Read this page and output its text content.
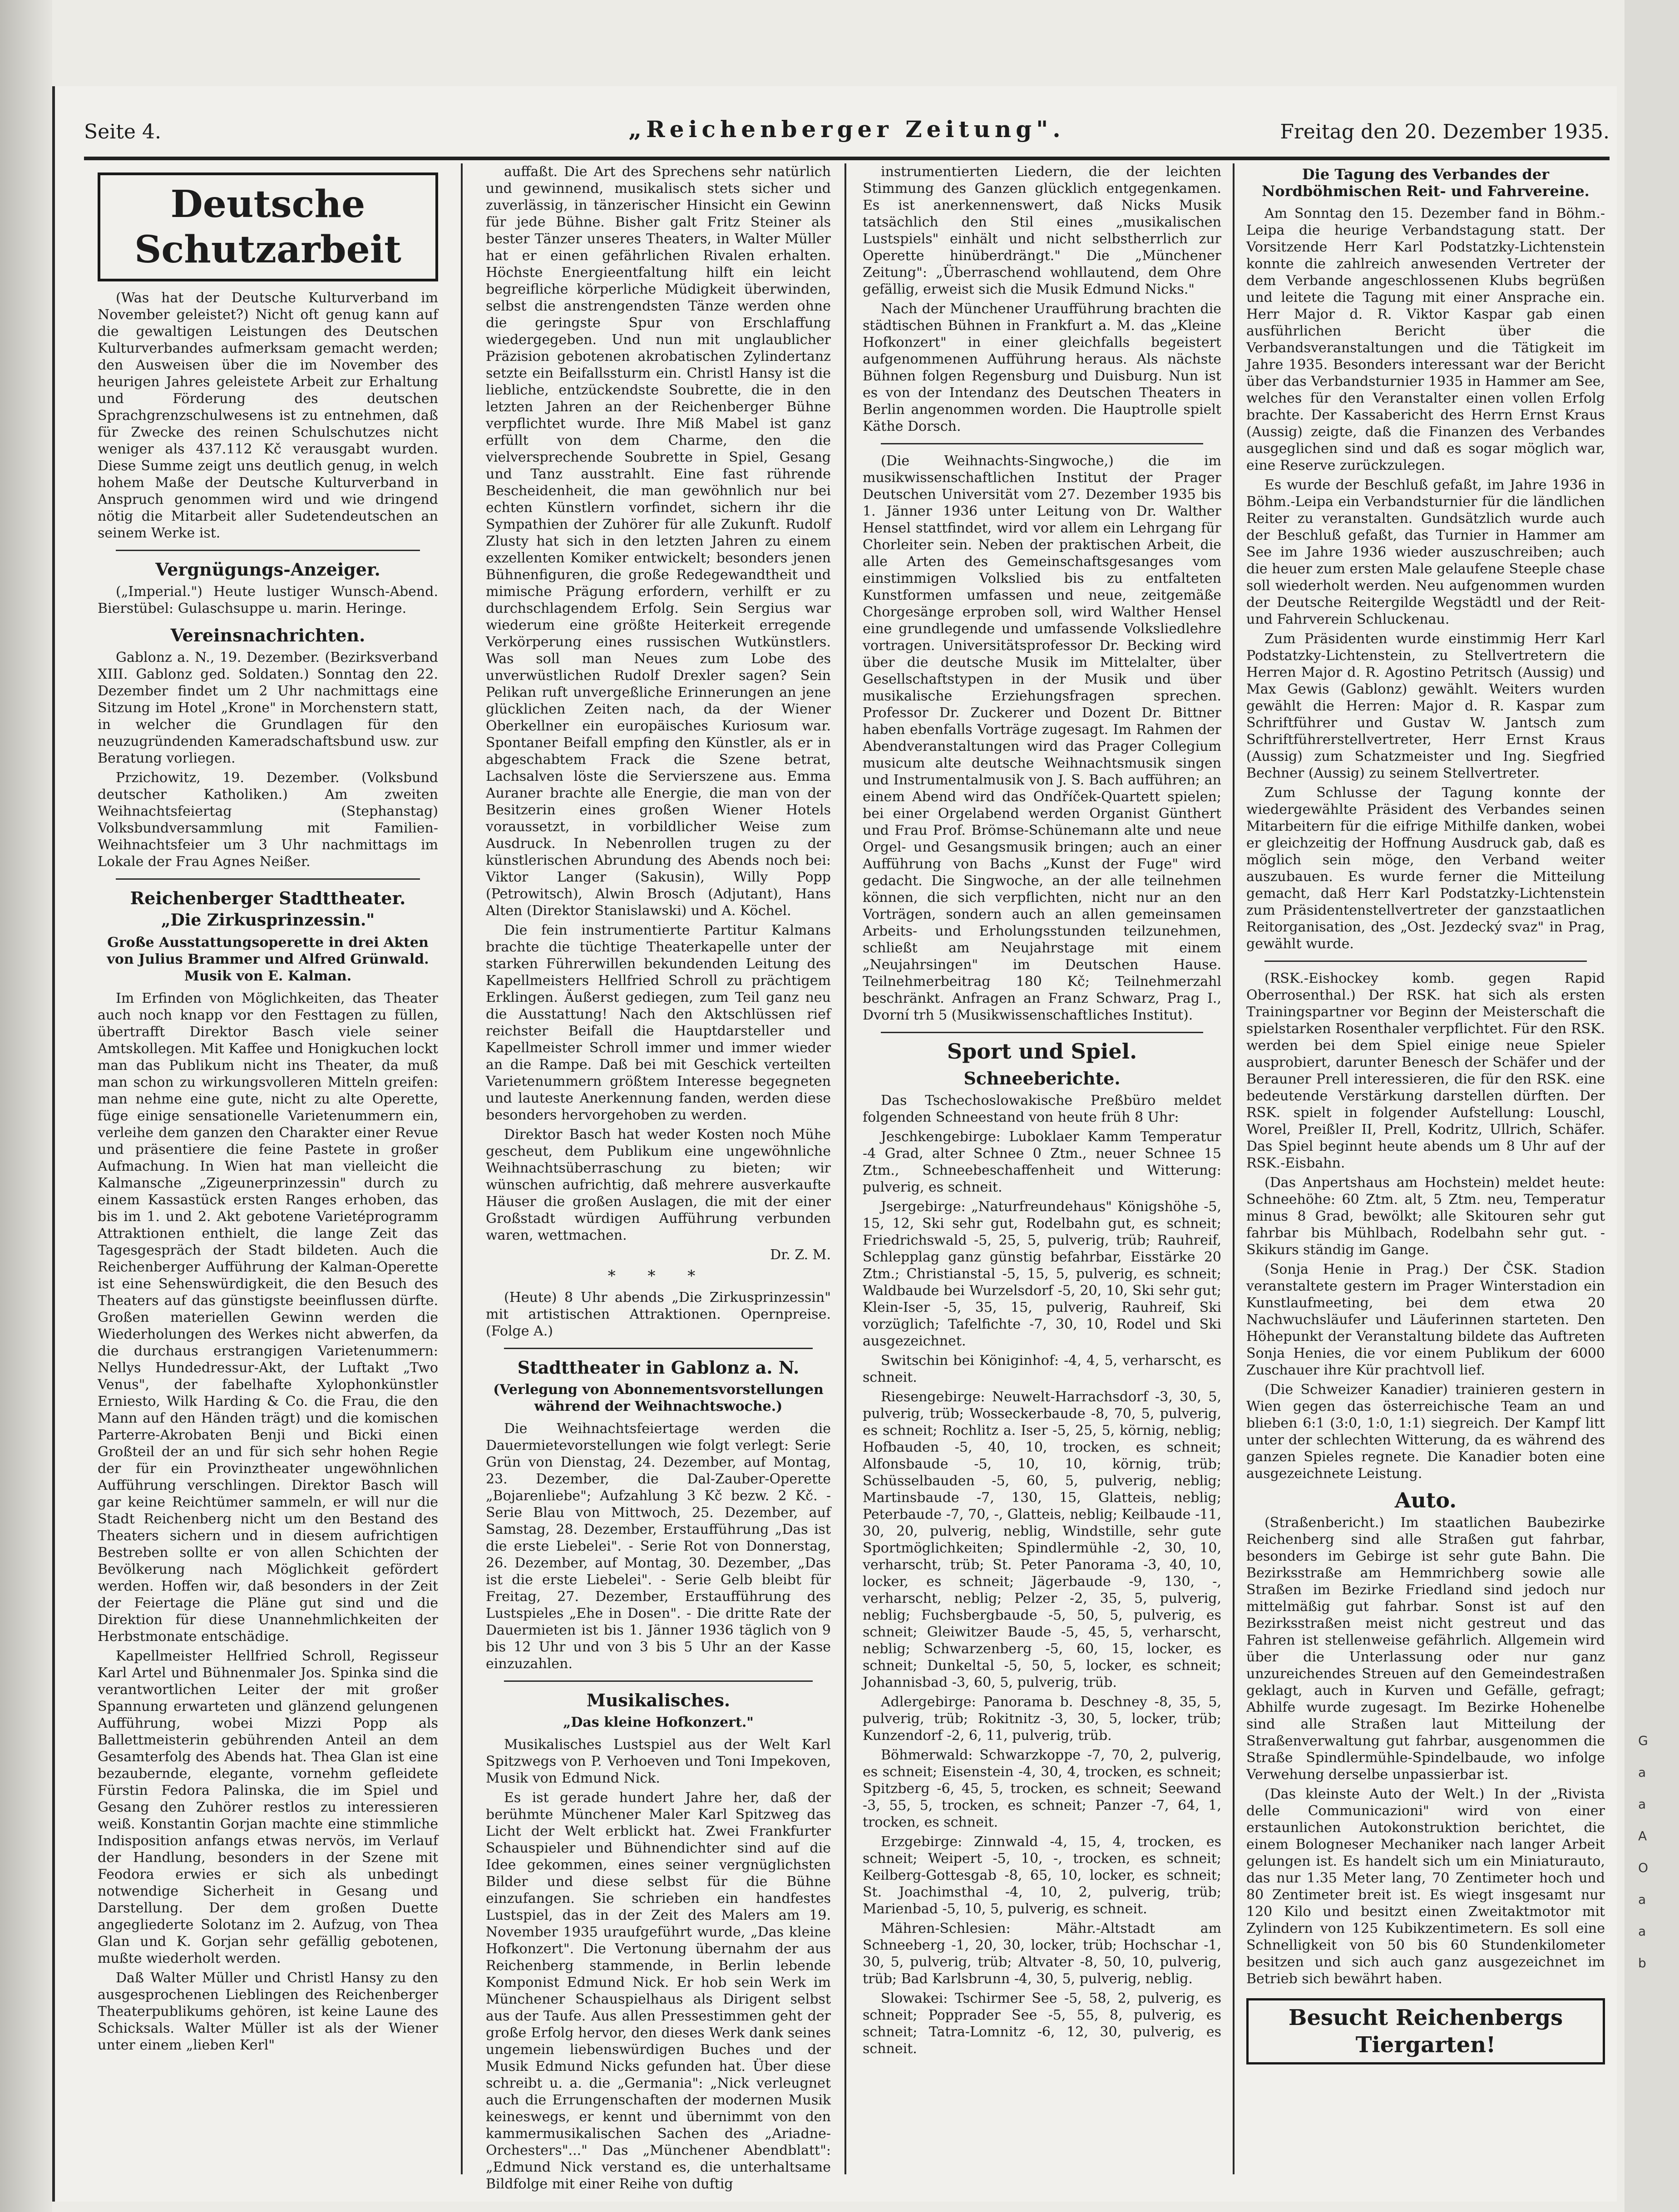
G
a
a
A
O
a
a
b
Seite 4.	„Reichenberger Zeitung".	Freitag den 20. Dezember 1935.
Deutsche Schutzarbeit

(Was hat der Deutsche Kulturverband im November geleistet?) Nicht oft genug kann auf die gewaltigen Leistungen des Deutschen Kulturverbandes aufmerksam gemacht werden; den Ausweisen über die im November des heurigen Jahres geleistete Arbeit zur Erhaltung und Förderung des deutschen Sprachgrenzschulwesens ist zu entnehmen, daß für Zwecke des reinen Schulschutzes nicht weniger als 437.112 Kč verausgabt wurden. Diese Summe zeigt uns deutlich genug, in welch hohem Maße der Deutsche Kulturverband in Anspruch genommen wird und wie dringend nötig die Mitarbeit aller Sudetendeutschen an seinem Werke ist.

Vergnügungs-Anzeiger.

(„Imperial.") Heute lustiger Wunsch-Abend. Bierstübel: Gulaschsuppe u. marin. Heringe.

Vereinsnachrichten.

Gablonz a. N., 19. Dezember. (Bezirksverband XIII. Gablonz ged. Soldaten.) Sonntag den 22. Dezember findet um 2 Uhr nachmittags eine Sitzung im Hotel „Krone" in Morchenstern statt, in welcher die Grundlagen für den neuzugründenden Kameradschaftsbund usw. zur Beratung vorliegen.

Przichowitz, 19. Dezember. (Volksbund deutscher Katholiken.) Am zweiten Weihnachtsfeiertag (Stephanstag) Volksbundversammlung mit Familien-Weihnachtsfeier um 3 Uhr nachmittags im Lokale der Frau Agnes Neißer.

Reichenberger Stadttheater.
„Die Zirkusprinzessin."
Große Ausstattungsoperette in drei Akten von Julius Brammer und Alfred Grünwald. Musik von E. Kalman.

Im Erfinden von Möglichkeiten, das Theater auch noch knapp vor den Festtagen zu füllen, übertrafft Direktor Basch viele seiner Amtskollegen. Mit Kaffee und Honigkuchen lockt man das Publikum nicht ins Theater, da muß man schon zu wirkungsvolleren Mitteln greifen: man nehme eine gute, nicht zu alte Operette, füge einige sensationelle Varietenummern ein, verleihe dem ganzen den Charakter einer Revue und präsentiere die feine Pastete in großer Aufmachung. In Wien hat man vielleicht die Kalmansche „Zigeunerprinzessin" durch zu einem Kassastück ersten Ranges erhoben, das bis im 1. und 2. Akt gebotene Varietéprogramm Attraktionen enthielt, die lange Zeit das Tagesgespräch der Stadt bildeten. Auch die Reichenberger Aufführung der Kalman-Operette ist eine Sehenswürdigkeit, die den Besuch des Theaters auf das günstigste beeinflussen dürfte. Großen materiellen Gewinn werden die Wiederholungen des Werkes nicht abwerfen, da die durchaus erstrangigen Varietenummern: Nellys Hundedressur-Akt, der Luftakt „Two Venus", der fabelhafte Xylophonkünstler Erniesto, Wilk Harding & Co. die Frau, die den Mann auf den Händen trägt) und die komischen Parterre-Akrobaten Benji und Bicki einen Großteil der an und für sich sehr hohen Regie der für ein Provinztheater ungewöhnlichen Aufführung verschlingen. Direktor Basch will gar keine Reichtümer sammeln, er will nur die Stadt Reichenberg nicht um den Bestand des Theaters sichern und in diesem aufrichtigen Bestreben sollte er von allen Schichten der Bevölkerung nach Möglichkeit gefördert werden. Hoffen wir, daß besonders in der Zeit der Feiertage die Pläne gut sind und die Direktion für diese Unannehmlichkeiten der Herbstmonate entschädige.

Kapellmeister Hellfried Schroll, Regisseur Karl Artel und Bühnenmaler Jos. Spinka sind die verantwortlichen Leiter der mit großer Spannung erwarteten und glänzend gelungenen Aufführung, wobei Mizzi Popp als Ballettmeisterin gebührenden Anteil an dem Gesamterfolg des Abends hat. Thea Glan ist eine bezaubernde, elegante, vornehm gefleidete Fürstin Fedora Palinska, die im Spiel und Gesang den Zuhörer restlos zu interessieren weiß. Konstantin Gorjan machte eine stimmliche Indisposition anfangs etwas nervös, im Verlauf der Handlung, besonders in der Szene mit Feodora erwies er sich als unbedingt notwendige Sicherheit in Gesang und Darstellung. Der dem großen Duette angegliederte Solotanz im 2. Aufzug, von Thea Glan und K. Gorjan sehr gefällig gebotenen, mußte wiederholt werden.

Daß Walter Müller und Christl Hansy zu den ausgesprochenen Lieblingen des Reichenberger Theaterpublikums gehören, ist keine Laune des Schicksals. Walter Müller ist als der Wiener unter einem „lieben Kerl"

auffaßt. Die Art des Sprechens sehr natürlich und gewinnend, musikalisch stets sicher und zuverlässig, in tänzerischer Hinsicht ein Gewinn für jede Bühne. Bisher galt Fritz Steiner als bester Tänzer unseres Theaters, in Walter Müller hat er einen gefährlichen Rivalen erhalten. Höchste Energieentfaltung hilft ein leicht begreifliche körperliche Müdigkeit überwinden, selbst die anstrengendsten Tänze werden ohne die geringste Spur von Erschlaffung wiedergegeben. Und nun mit unglaublicher Präzision gebotenen akrobatischen Zylindertanz setzte ein Beifallssturm ein. Christl Hansy ist die liebliche, entzückendste Soubrette, die in den letzten Jahren an der Reichenberger Bühne verpflichtet wurde. Ihre Miß Mabel ist ganz erfüllt von dem Charme, den die vielversprechende Soubrette in Spiel, Gesang und Tanz ausstrahlt. Eine fast rührende Bescheidenheit, die man gewöhnlich nur bei echten Künstlern vorfindet, sichern ihr die Sympathien der Zuhörer für alle Zukunft. Rudolf Zlusty hat sich in den letzten Jahren zu einem exzellenten Komiker entwickelt; besonders jenen Bühnenfiguren, die große Redegewandtheit und mimische Prägung erfordern, verhilft er zu durchschlagendem Erfolg. Sein Sergius war wiederum eine größte Heiterkeit erregende Verkörperung eines russischen Wutkünstlers. Was soll man Neues zum Lobe des unverwüstlichen Rudolf Drexler sagen? Sein Pelikan ruft unvergeßliche Erinnerungen an jene glücklichen Zeiten nach, da der Wiener Oberkellner ein europäisches Kuriosum war. Spontaner Beifall empfing den Künstler, als er in abgeschabtem Frack die Szene betrat, Lachsalven löste die Servierszene aus. Emma Auraner brachte alle Energie, die man von der Besitzerin eines großen Wiener Hotels voraussetzt, in vorbildlicher Weise zum Ausdruck. In Nebenrollen trugen zu der künstlerischen Abrundung des Abends noch bei: Viktor Langer (Sakusin), Willy Popp (Petrowitsch), Alwin Brosch (Adjutant), Hans Alten (Direktor Stanislawski) und A. Köchel.

Die fein instrumentierte Partitur Kalmans brachte die tüchtige Theaterkapelle unter der starken Führerwillen bekundenden Leitung des Kapellmeisters Hellfried Schroll zu prächtigem Erklingen. Äußerst gediegen, zum Teil ganz neu die Ausstattung! Nach den Aktschlüssen rief reichster Beifall die Hauptdarsteller und Kapellmeister Schroll immer und immer wieder an die Rampe. Daß bei mit Geschick verteilten Varietenummern größtem Interesse begegneten und lauteste Anerkennung fanden, werden diese besonders hervorgehoben zu werden.

Direktor Basch hat weder Kosten noch Mühe gescheut, dem Publikum eine ungewöhnliche Weihnachtsüberraschung zu bieten; wir wünschen aufrichtig, daß mehrere ausverkaufte Häuser die großen Auslagen, die mit der einer Großstadt würdigen Aufführung verbunden waren, wettmachen.

Dr. Z. M.
* * *

(Heute) 8 Uhr abends „Die Zirkusprinzessin" mit artistischen Attraktionen. Opernpreise. (Folge A.)

Stadttheater in Gablonz a. N.
(Verlegung von Abonnementsvorstellungen während der Weihnachtswoche.)

Die Weihnachtsfeiertage werden die Dauermietevorstellungen wie folgt verlegt: Serie Grün von Dienstag, 24. Dezember, auf Montag, 23. Dezember, die Dal-Zauber-Operette „Bojarenliebe"; Aufzahlung 3 Kč bezw. 2 Kč. - Serie Blau von Mittwoch, 25. Dezember, auf Samstag, 28. Dezember, Erstaufführung „Das ist die erste Liebelei". - Serie Rot von Donnerstag, 26. Dezember, auf Montag, 30. Dezember, „Das ist die erste Liebelei". - Serie Gelb bleibt für Freitag, 27. Dezember, Erstaufführung des Lustspieles „Ehe in Dosen". - Die dritte Rate der Dauermieten ist bis 1. Jänner 1936 täglich von 9 bis 12 Uhr und von 3 bis 5 Uhr an der Kasse einzuzahlen.

Musikalisches.
„Das kleine Hofkonzert."

Musikalisches Lustspiel aus der Welt Karl Spitzwegs von P. Verhoeven und Toni Impekoven, Musik von Edmund Nick.

Es ist gerade hundert Jahre her, daß der berühmte Münchener Maler Karl Spitzweg das Licht der Welt erblickt hat. Zwei Frankfurter Schauspieler und Bühnendichter sind auf die Idee gekommen, eines seiner vergnüglichsten Bilder und diese selbst für die Bühne einzufangen. Sie schrieben ein handfestes Lustspiel, das in der Zeit des Malers am 19. November 1935 uraufgeführt wurde, „Das kleine Hofkonzert". Die Vertonung übernahm der aus Reichenberg stammende, in Berlin lebende Komponist Edmund Nick. Er hob sein Werk im Münchener Schauspielhaus als Dirigent selbst aus der Taufe. Aus allen Pressestimmen geht der große Erfolg hervor, den dieses Werk dank seines ungemein liebenswürdigen Buches und der Musik Edmund Nicks gefunden hat. Über diese schreibt u. a. die „Germania": „Nick verleugnet auch die Errungenschaften der modernen Musik keineswegs, er kennt und übernimmt von den kammermusikalischen Sachen des „Ariadne-Orchesters"..." Das „Münchener Abendblatt": „Edmund Nick verstand es, die unterhaltsame Bildfolge mit einer Reihe von duftig

instrumentierten Liedern, die der leichten Stimmung des Ganzen glücklich entgegenkamen. Es ist anerkennenswert, daß Nicks Musik tatsächlich den Stil eines „musikalischen Lustspiels" einhält und nicht selbstherrlich zur Operette hinüberdrängt." Die „Münchener Zeitung": „Überraschend wohllautend, dem Ohre gefällig, erweist sich die Musik Edmund Nicks."

Nach der Münchener Uraufführung brachten die städtischen Bühnen in Frankfurt a. M. das „Kleine Hofkonzert" in einer gleichfalls begeistert aufgenommenen Aufführung heraus. Als nächste Bühnen folgen Regensburg und Duisburg. Nun ist es von der Intendanz des Deutschen Theaters in Berlin angenommen worden. Die Hauptrolle spielt Käthe Dorsch.

(Die Weihnachts-Singwoche,) die im musikwissenschaftlichen Institut der Prager Deutschen Universität vom 27. Dezember 1935 bis 1. Jänner 1936 unter Leitung von Dr. Walther Hensel stattfindet, wird vor allem ein Lehrgang für Chorleiter sein. Neben der praktischen Arbeit, die alle Arten des Gemeinschaftsgesanges vom einstimmigen Volkslied bis zu entfalteten Kunstformen umfassen und neue, zeitgemäße Chorgesänge erproben soll, wird Walther Hensel eine grundlegende und umfassende Volksliedlehre vortragen. Universitätsprofessor Dr. Becking wird über die deutsche Musik im Mittelalter, über Gesellschaftstypen in der Musik und über musikalische Erziehungsfragen sprechen. Professor Dr. Zuckerer und Dozent Dr. Bittner haben ebenfalls Vorträge zugesagt. Im Rahmen der Abendveranstaltungen wird das Prager Collegium musicum alte deutsche Weihnachtsmusik singen und Instrumentalmusik von J. S. Bach aufführen; an einem Abend wird das Ondříček-Quartett spielen; bei einer Orgelabend werden Organist Günthert und Frau Prof. Brömse-Schünemann alte und neue Orgel- und Gesangsmusik bringen; auch an einer Aufführung von Bachs „Kunst der Fuge" wird gedacht. Die Singwoche, an der alle teilnehmen können, die sich verpflichten, nicht nur an den Vorträgen, sondern auch an allen gemeinsamen Arbeits- und Erholungsstunden teilzunehmen, schließt am Neujahrstage mit einem „Neujahrsingen" im Deutschen Hause. Teilnehmerbeitrag 180 Kč; Teilnehmerzahl beschränkt. Anfragen an Franz Schwarz, Prag I., Dvorní trh 5 (Musikwissenschaftliches Institut).

Sport und Spiel.
Schneeberichte.

Das Tschechoslowakische Preßbüro meldet folgenden Schneestand von heute früh 8 Uhr:

Jeschkengebirge: Luboklaer Kamm Temperatur -4 Grad, alter Schnee 0 Ztm., neuer Schnee 15 Ztm., Schneebeschaffenheit und Witterung: pulverig, es schneit.

Jsergebirge: „Naturfreundehaus" Königshöhe -5, 15, 12, Ski sehr gut, Rodelbahn gut, es schneit; Friedrichswald -5, 25, 5, pulverig, trüb; Rauhreif, Schlepplag ganz günstig befahrbar, Eisstärke 20 Ztm.; Christianstal -5, 15, 5, pulverig, es schneit; Waldbaude bei Wurzelsdorf -5, 20, 10, Ski sehr gut; Klein-Iser -5, 35, 15, pulverig, Rauhreif, Ski vorzüglich; Tafelfichte -7, 30, 10, Rodel und Ski ausgezeichnet.

Switschin bei Königinhof: -4, 4, 5, verharscht, es schneit.

Riesengebirge: Neuwelt-Harrachsdorf -3, 30, 5, pulverig, trüb; Wosseckerbaude -8, 70, 5, pulverig, es schneit; Rochlitz a. Iser -5, 25, 5, körnig, neblig; Hofbauden -5, 40, 10, trocken, es schneit; Alfonsbaude -5, 10, 10, körnig, trüb; Schüsselbauden -5, 60, 5, pulverig, neblig; Martinsbaude -7, 130, 15, Glatteis, neblig; Peterbaude -7, 70, -, Glatteis, neblig; Keilbaude -11, 30, 20, pulverig, neblig, Windstille, sehr gute Sportmöglichkeiten; Spindlermühle -2, 30, 10, verharscht, trüb; St. Peter Panorama -3, 40, 10, locker, es schneit; Jägerbaude -9, 130, -, verharscht, neblig; Pelzer -2, 35, 5, pulverig, neblig; Fuchsbergbaude -5, 50, 5, pulverig, es schneit; Gleiwitzer Baude -5, 45, 5, verharscht, neblig; Schwarzenberg -5, 60, 15, locker, es schneit; Dunkeltal -5, 50, 5, locker, es schneit; Johannisbad -3, 60, 5, pulverig, trüb.

Adlergebirge: Panorama b. Deschney -8, 35, 5, pulverig, trüb; Rokitnitz -3, 30, 5, locker, trüb; Kunzendorf -2, 6, 11, pulverig, trüb.

Böhmerwald: Schwarzkoppe -7, 70, 2, pulverig, es schneit; Eisenstein -4, 30, 4, trocken, es schneit; Spitzberg -6, 45, 5, trocken, es schneit; Seewand -3, 55, 5, trocken, es schneit; Panzer -7, 64, 1, trocken, es schneit.

Erzgebirge: Zinnwald -4, 15, 4, trocken, es schneit; Weipert -5, 10, -, trocken, es schneit; Keilberg-Gottesgab -8, 65, 10, locker, es schneit; St. Joachimsthal -4, 10, 2, pulverig, trüb; Marienbad -5, 10, 5, pulverig, es schneit.

Mähren-Schlesien: Mähr.-Altstadt am Schneeberg -1, 20, 30, locker, trüb; Hochschar -1, 30, 5, pulverig, trüb; Altvater -8, 50, 10, pulverig, trüb; Bad Karlsbrunn -4, 30, 5, pulverig, neblig.

Slowakei: Tschirmer See -5, 58, 2, pulverig, es schneit; Popprader See -5, 55, 8, pulverig, es schneit; Tatra-Lomnitz -6, 12, 30, pulverig, es schneit.

Die Tagung des Verbandes der Nordböhmischen Reit- und Fahrvereine.

Am Sonntag den 15. Dezember fand in Böhm.-Leipa die heurige Verbandstagung statt. Der Vorsitzende Herr Karl Podstatzky-Lichtenstein konnte die zahlreich anwesenden Vertreter der dem Verbande angeschlossenen Klubs begrüßen und leitete die Tagung mit einer Ansprache ein. Herr Major d. R. Viktor Kaspar gab einen ausführlichen Bericht über die Verbandsveranstaltungen und die Tätigkeit im Jahre 1935. Besonders interessant war der Bericht über das Verbandsturnier 1935 in Hammer am See, welches für den Veranstalter einen vollen Erfolg brachte. Der Kassabericht des Herrn Ernst Kraus (Aussig) zeigte, daß die Finanzen des Verbandes ausgeglichen sind und daß es sogar möglich war, eine Reserve zurückzulegen.

Es wurde der Beschluß gefaßt, im Jahre 1936 in Böhm.-Leipa ein Verbandsturnier für die ländlichen Reiter zu veranstalten. Gundsätzlich wurde auch der Beschluß gefaßt, das Turnier in Hammer am See im Jahre 1936 wieder auszuschreiben; auch die heuer zum ersten Male gelaufene Steeple chase soll wiederholt werden. Neu aufgenommen wurden der Deutsche Reitergilde Wegstädtl und der Reit- und Fahrverein Schluckenau.

Zum Präsidenten wurde einstimmig Herr Karl Podstatzky-Lichtenstein, zu Stellvertretern die Herren Major d. R. Agostino Petritsch (Aussig) und Max Gewis (Gablonz) gewählt. Weiters wurden gewählt die Herren: Major d. R. Kaspar zum Schriftführer und Gustav W. Jantsch zum Schriftführerstellvertreter, Herr Ernst Kraus (Aussig) zum Schatzmeister und Ing. Siegfried Bechner (Aussig) zu seinem Stellvertreter.

Zum Schlusse der Tagung konnte der wiedergewählte Präsident des Verbandes seinen Mitarbeitern für die eifrige Mithilfe danken, wobei er gleichzeitig der Hoffnung Ausdruck gab, daß es möglich sein möge, den Verband weiter auszubauen. Es wurde ferner die Mitteilung gemacht, daß Herr Karl Podstatzky-Lichtenstein zum Präsidentenstellvertreter der ganzstaatlichen Reitorganisation, des „Ost. Jezdecký svaz" in Prag, gewählt wurde.

(RSK.-Eishockey komb. gegen Rapid Oberrosenthal.) Der RSK. hat sich als ersten Trainingspartner vor Beginn der Meisterschaft die spielstarken Rosenthaler verpflichtet. Für den RSK. werden bei dem Spiel einige neue Spieler ausprobiert, darunter Benesch der Schäfer und der Berauner Prell interessieren, die für den RSK. eine bedeutende Verstärkung darstellen dürften. Der RSK. spielt in folgender Aufstellung: Louschl, Worel, Preißler II, Prell, Kodritz, Ullrich, Schäfer. Das Spiel beginnt heute abends um 8 Uhr auf der RSK.-Eisbahn.

(Das Anpertshaus am Hochstein) meldet heute: Schneehöhe: 60 Ztm. alt, 5 Ztm. neu, Temperatur minus 8 Grad, bewölkt; alle Skitouren sehr gut fahrbar bis Mühlbach, Rodelbahn sehr gut. - Skikurs ständig im Gange.

(Sonja Henie in Prag.) Der ČSK. Stadion veranstaltete gestern im Prager Winterstadion ein Kunstlaufmeeting, bei dem etwa 20 Nachwuchsläufer und Läuferinnen starteten. Den Höhepunkt der Veranstaltung bildete das Auftreten Sonja Henies, die vor einem Publikum der 6000 Zuschauer ihre Kür prachtvoll lief.

(Die Schweizer Kanadier) trainieren gestern in Wien gegen das österreichische Team an und blieben 6:1 (3:0, 1:0, 1:1) siegreich. Der Kampf litt unter der schlechten Witterung, da es während des ganzen Spieles regnete. Die Kanadier boten eine ausgezeichnete Leistung.

Auto.

(Straßenbericht.) Im staatlichen Baubezirke Reichenberg sind alle Straßen gut fahrbar, besonders im Gebirge ist sehr gute Bahn. Die Bezirksstraße am Hemmrichberg sowie alle Straßen im Bezirke Friedland sind jedoch nur mittelmäßig gut fahrbar. Sonst ist auf den Bezirksstraßen meist nicht gestreut und das Fahren ist stellenweise gefährlich. Allgemein wird über die Unterlassung oder nur ganz unzureichendes Streuen auf den Gemeindestraßen geklagt, auch in Kurven und Gefälle, gefragt; Abhilfe wurde zugesagt. Im Bezirke Hohenelbe sind alle Straßen laut Mitteilung der Straßenverwaltung gut fahrbar, ausgenommen die Straße Spindlermühle-Spindelbaude, wo infolge Verwehung derselbe unpassierbar ist.

(Das kleinste Auto der Welt.) In der „Rivista delle Communicazioni" wird von einer erstaunlichen Autokonstruktion berichtet, die einem Bologneser Mechaniker nach langer Arbeit gelungen ist. Es handelt sich um ein Miniaturauto, das nur 1.35 Meter lang, 70 Zentimeter hoch und 80 Zentimeter breit ist. Es wiegt insgesamt nur 120 Kilo und besitzt einen Zweitaktmotor mit Zylindern von 125 Kubikzentimetern. Es soll eine Schnelligkeit von 50 bis 60 Stundenkilometer besitzen und sich auch ganz ausgezeichnet im Betrieb sich bewährt haben.

Besucht Reichenbergs Tiergarten!
